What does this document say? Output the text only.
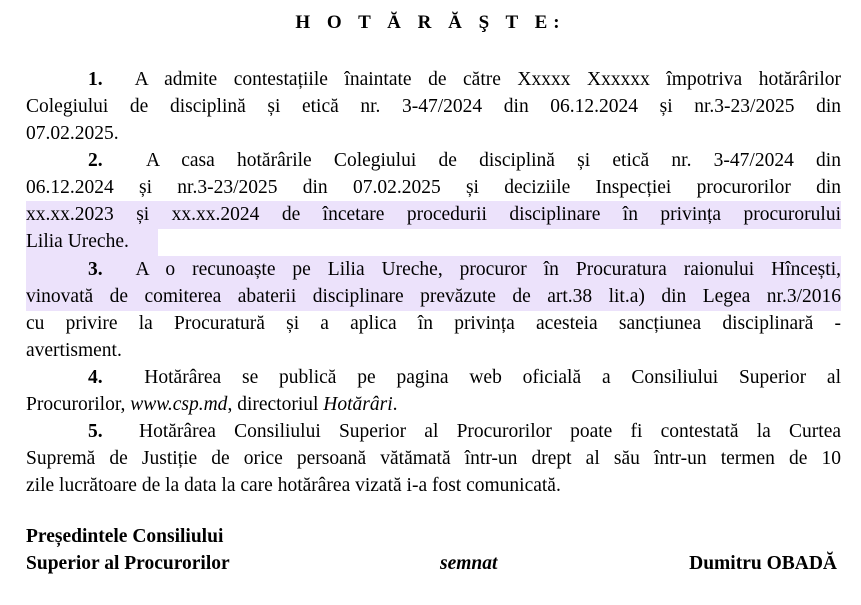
H O T Ă R Ă Ş T E:
1. A admite contestațiile înaintate de către Xxxxx Xxxxxx împotriva hotărârilor
Colegiului de disciplină și etică nr. 3-47/2024 din 06.12.2024 și nr.3-23/2025 din
07.02.2025.
2. A casa hotărârile Colegiului de disciplină și etică nr. 3-47/2024 din
06.12.2024 și nr.3-23/2025 din 07.02.2025 și deciziile Inspecției procurorilor din
xx.xx.2023 și xx.xx.2024 de încetare procedurii disciplinare în privința procurorului
Lilia Ureche.
3. A o recunoaște pe Lilia Ureche, procuror în Procuratura raionului Hîncești,
vinovată de comiterea abaterii disciplinare prevăzute de art.38 lit.a) din Legea nr.3/2016
cu privire la Procuratură și a aplica în privința acesteia sancțiunea disciplinară -
avertisment.
4. Hotărârea se publică pe pagina web oficială a Consiliului Superior al
Procurorilor, www.csp.md, directoriul Hotărâri.
5. Hotărârea Consiliului Superior al Procurorilor poate fi contestată la Curtea
Supremă de Justiție de orice persoană vătămată într-un drept al său într-un termen de 10
zile lucrătoare de la data la care hotărârea vizată i-a fost comunicată.
Președintele Consiliului
Superior al Procurorilor	semnat	Dumitru OBADĂ
